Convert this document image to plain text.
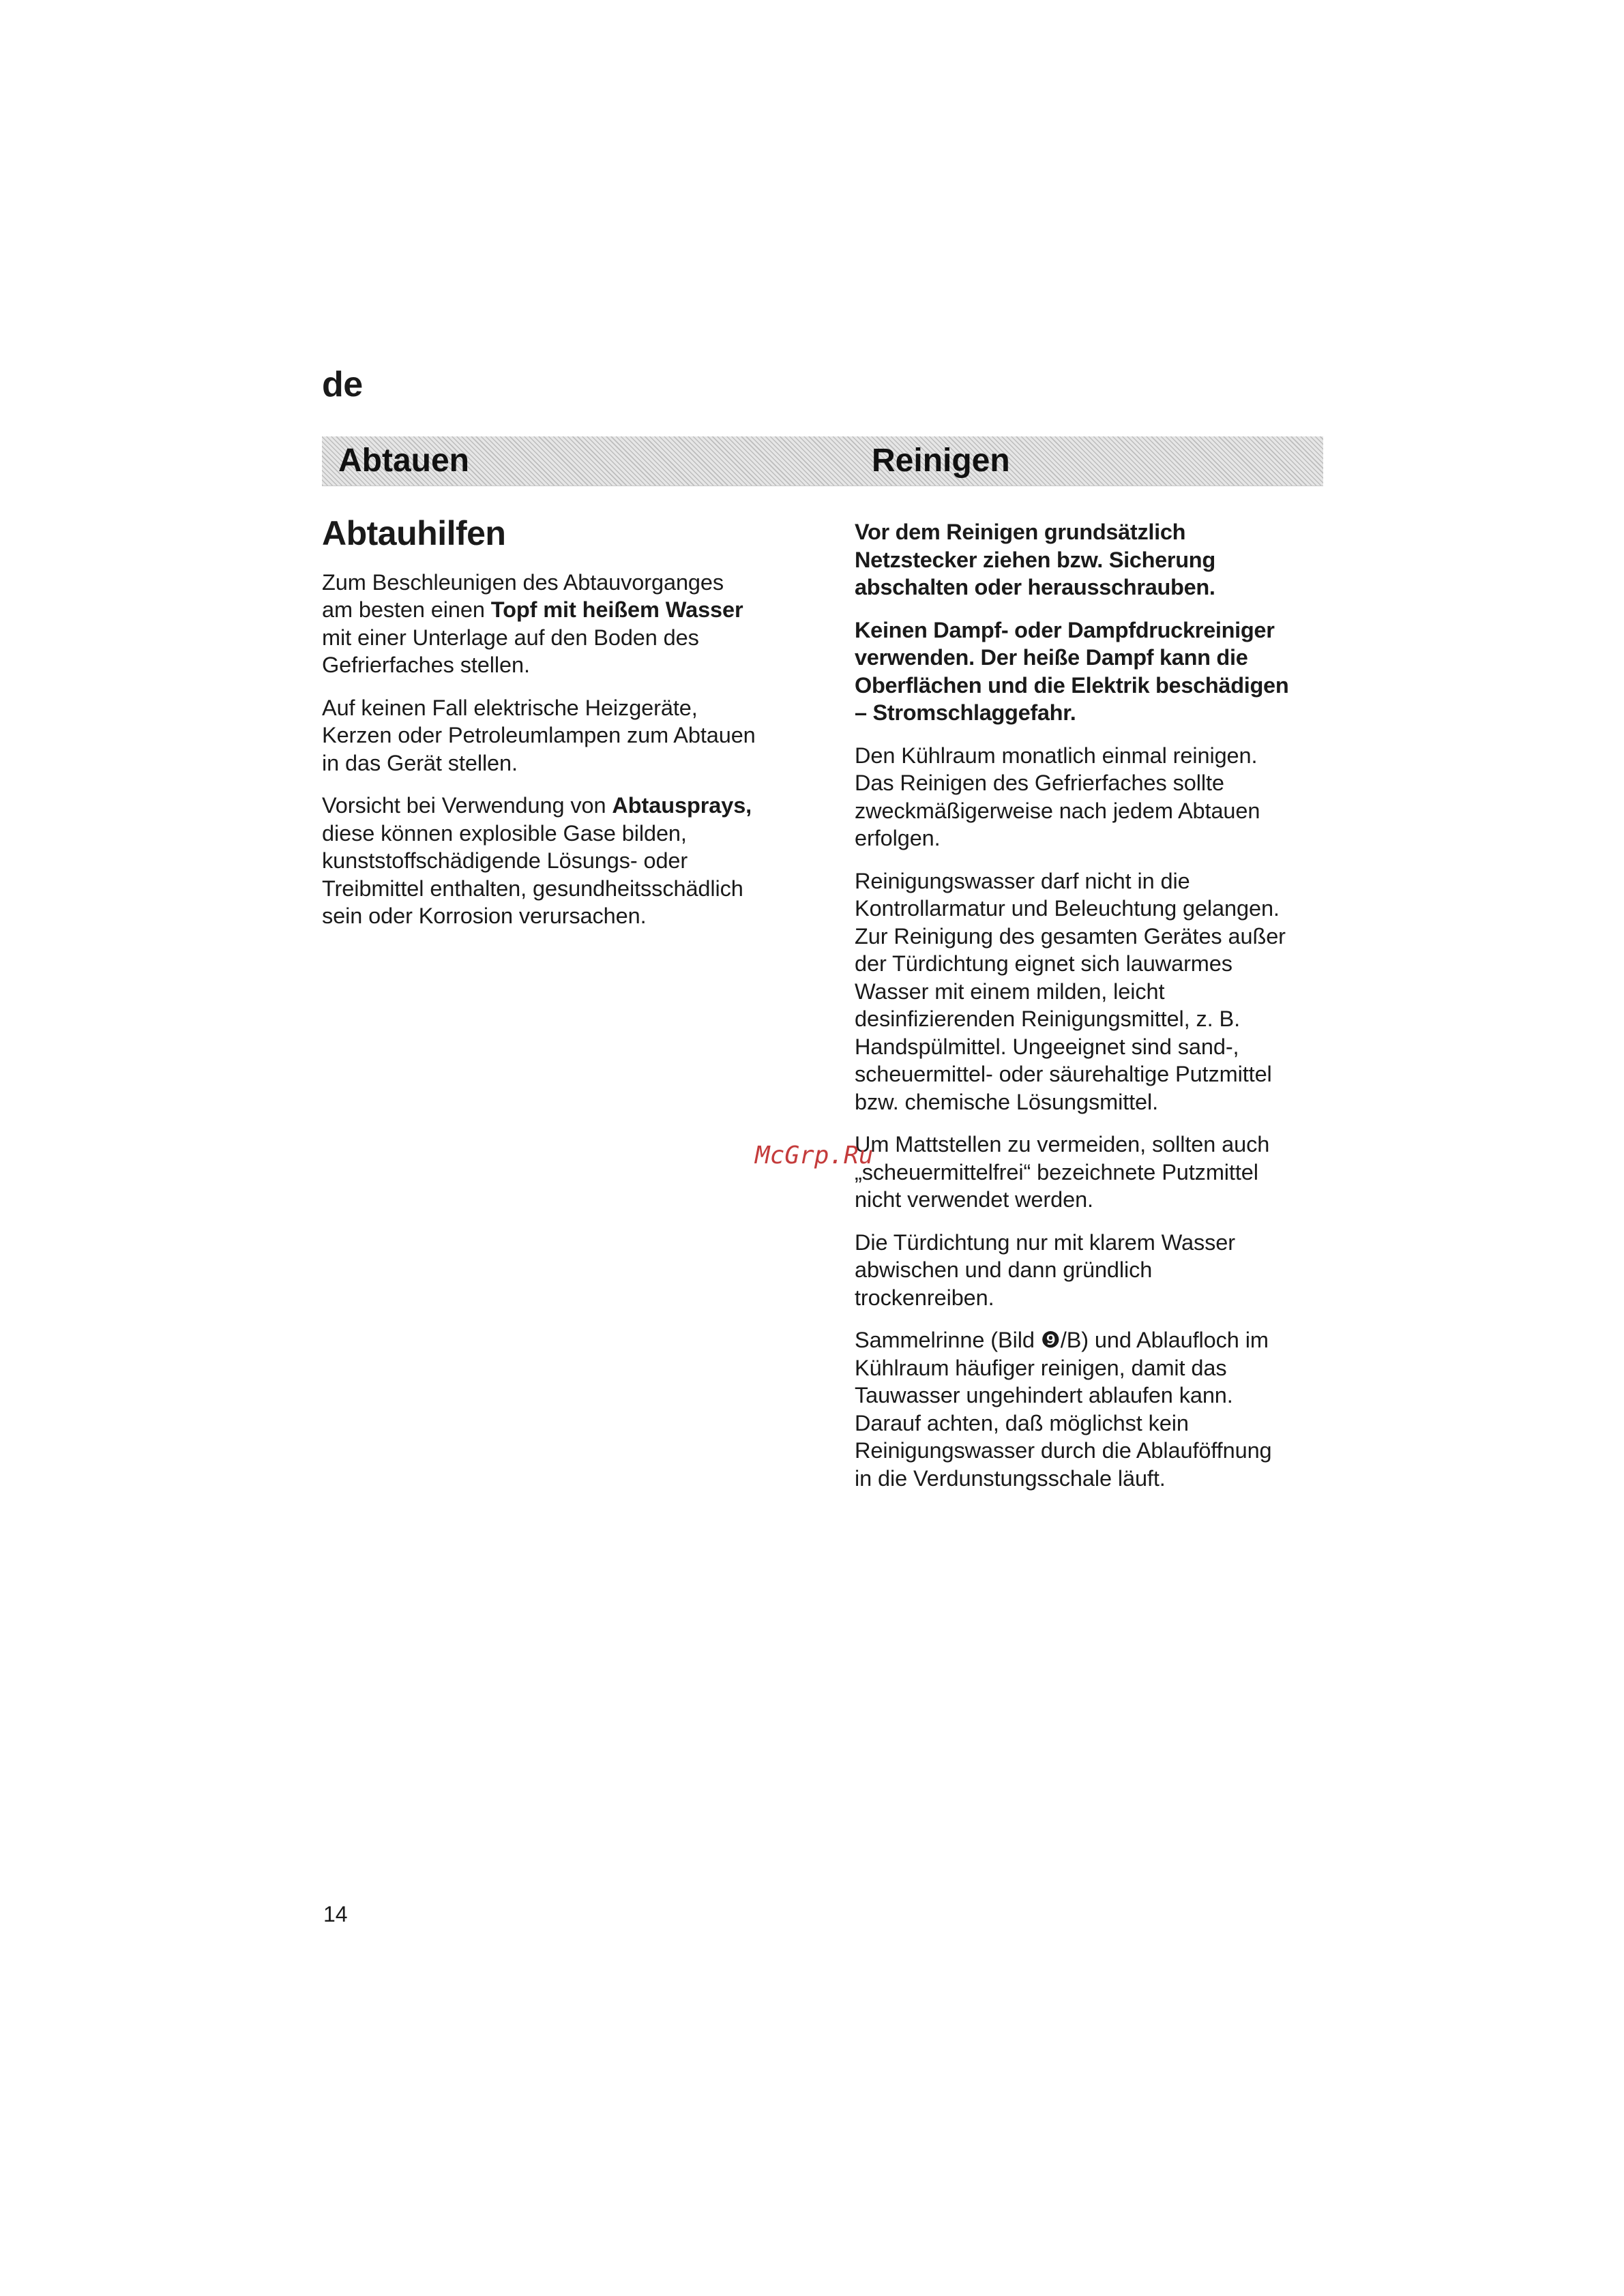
de
Abtauen	Reinigen
Abtauhilfen

Zum Beschleunigen des Abtauvorganges
am besten einen Topf mit heißem Wasser
mit einer Unterlage auf den Boden des
Gefrierfaches stellen.

Auf keinen Fall elektrische Heizgeräte,
Kerzen oder Petroleumlampen zum Abtauen
in das Gerät stellen.

Vorsicht bei Verwendung von Abtausprays,
diese können explosible Gase bilden,
kunststoffschädigende Lösungs- oder
Treibmittel enthalten, gesundheitsschädlich
sein oder Korrosion verursachen.

Vor dem Reinigen grundsätzlich
Netzstecker ziehen bzw. Sicherung
abschalten oder herausschrauben.

Keinen Dampf- oder Dampfdruckreiniger
verwenden. Der heiße Dampf kann die
Oberflächen und die Elektrik beschädigen
– Stromschlaggefahr.

Den Kühlraum monatlich einmal reinigen.
Das Reinigen des Gefrierfaches sollte
zweckmäßigerweise nach jedem Abtauen
erfolgen.

Reinigungswasser darf nicht in die
Kontrollarmatur und Beleuchtung gelangen.
Zur Reinigung des gesamten Gerätes außer
der Türdichtung eignet sich lauwarmes
Wasser mit einem milden, leicht
desinfizierenden Reinigungsmittel, z. B.
Handspülmittel. Ungeeignet sind sand-,
scheuermittel- oder säurehaltige Putzmittel
bzw. chemische Lösungsmittel.

Um Mattstellen zu vermeiden, sollten auch
„scheuermittelfrei“ bezeichnete Putzmittel
nicht verwendet werden.

Die Türdichtung nur mit klarem Wasser
abwischen und dann gründlich
trockenreiben.

Sammelrinne (Bild ❾/B) und Ablaufloch im
Kühlraum häufiger reinigen, damit das
Tauwasser ungehindert ablaufen kann.
Darauf achten, daß möglichst kein
Reinigungswasser durch die Ablauföffnung
in die Verdunstungsschale läuft.

McGrp.Ru
14
